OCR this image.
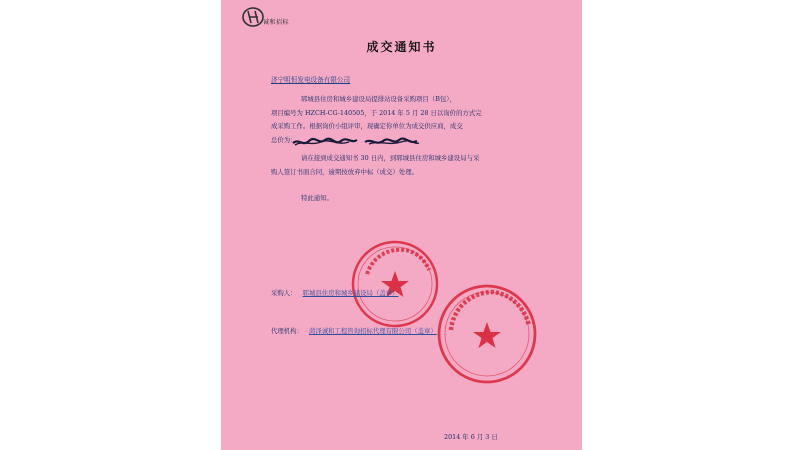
诚和招标
成交通知书
济宁明恒发电设备有限公司
郓城县住房和城乡建设局提排站设备采购项目（B包），
项目编号为 HZCH-CG-140505，于 2014 年 5 月 28 日以询价的方式完
成采购工作。根据询价小组评审，现确定你单位为成交供应商，成交
总价为：
请在接到成交通知书 30 日内，到郓城县住房和城乡建设局与采
购人签订书面合同，逾期按放弃中标（成交）处理。
特此通知。
采购人： 郓城县住房和城乡建设局（盖章）
代理机构： 菏泽诚和工程咨询招标代理有限公司（盖章）
2014 年 6 月 3 日
